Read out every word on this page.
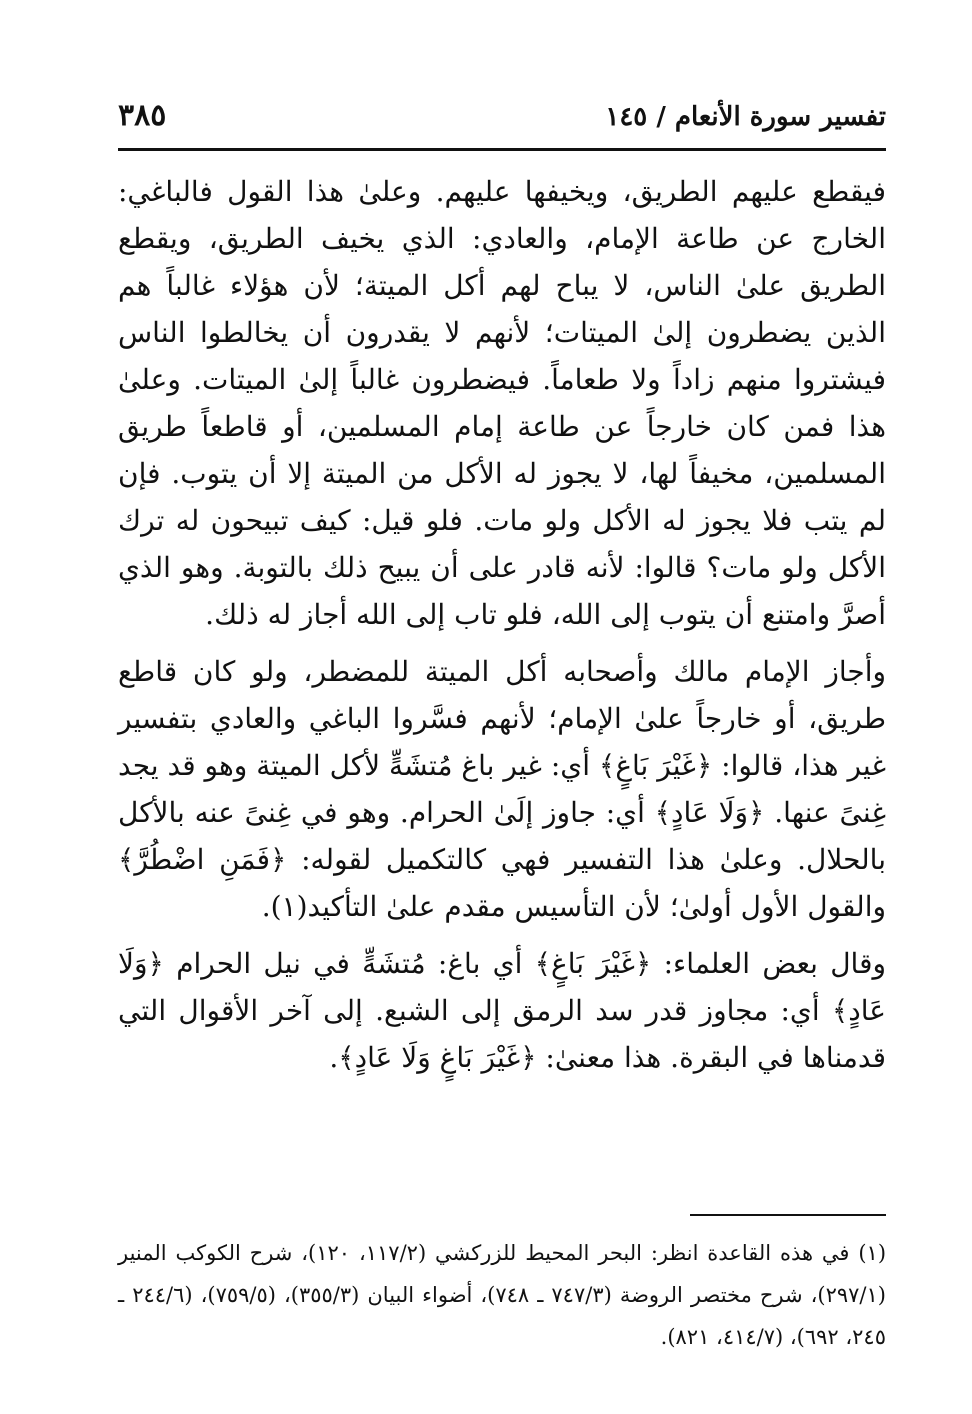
تفسير سورة الأنعام / ١٤٥
٣٨٥

فيقطع عليهم الطريق، ويخيفها عليهم. وعلىٰ هذا القول فالباغي: الخارج عن طاعة الإمام، والعادي: الذي يخيف الطريق، ويقطع الطريق علىٰ الناس، لا يباح لهم أكل الميتة؛ لأن هؤلاء غالباً هم الذين يضطرون إلىٰ الميتات؛ لأنهم لا يقدرون أن يخالطوا الناس فيشتروا منهم زاداً ولا طعاماً. فيضطرون غالباً إلىٰ الميتات. وعلىٰ هذا فمن كان خارجاً عن طاعة إمام المسلمين، أو قاطعاً طريق المسلمين، مخيفاً لها، لا يجوز له الأكل من الميتة إلا أن يتوب. فإن لم يتب فلا يجوز له الأكل ولو مات. فلو قيل: كيف تبيحون له ترك الأكل ولو مات؟ قالوا: لأنه قادر على أن يبيح ذلك بالتوبة. وهو الذي أصرَّ وامتنع أن يتوب إلى الله، فلو تاب إلى الله أجاز له ذلك.

وأجاز الإمام مالك وأصحابه أكل الميتة للمضطر، ولو كان قاطع طريق، أو خارجاً علىٰ الإمام؛ لأنهم فسَّروا الباغي والعادي بتفسير غير هذا، قالوا: ﴿غَيْرَ بَاغٍ﴾ أي: غير باغ مُتشَهٍّ لأكل الميتة وهو قد يجد غِنىً عنها. ﴿وَلَا عَادٍ﴾ أي: جاوز إلَىٰ الحرام. وهو في غِنىً عنه بالأكل بالحلال. وعلىٰ هذا التفسير فهي كالتكميل لقوله: ﴿فَمَنِ اضْطُرَّ﴾ والقول الأول أولىٰ؛ لأن التأسيس مقدم علىٰ التأكيد(١).

وقال بعض العلماء: ﴿غَيْرَ بَاغٍ﴾ أي باغ: مُتشَهٍّ في نيل الحرام ﴿وَلَا عَادٍ﴾ أي: مجاوز قدر سد الرمق إلى الشبع. إلى آخر الأقوال التي قدمناها في البقرة. هذا معنىٰ: ﴿غَيْرَ بَاغٍ وَلَا عَادٍ﴾.

(١) في هذه القاعدة انظر: البحر المحيط للزركشي (١١٧/٢، ١٢٠)، شرح الكوكب المنير (٢٩٧/١)، شرح مختصر الروضة (٧٤٧/٣ ـ ٧٤٨)، أضواء البيان (٣٥٥/٣)، (٧٥٩/٥)، (٢٤٤/٦ ـ ٢٤٥، ٦٩٢)، (٤١٤/٧، ٨٢١).
